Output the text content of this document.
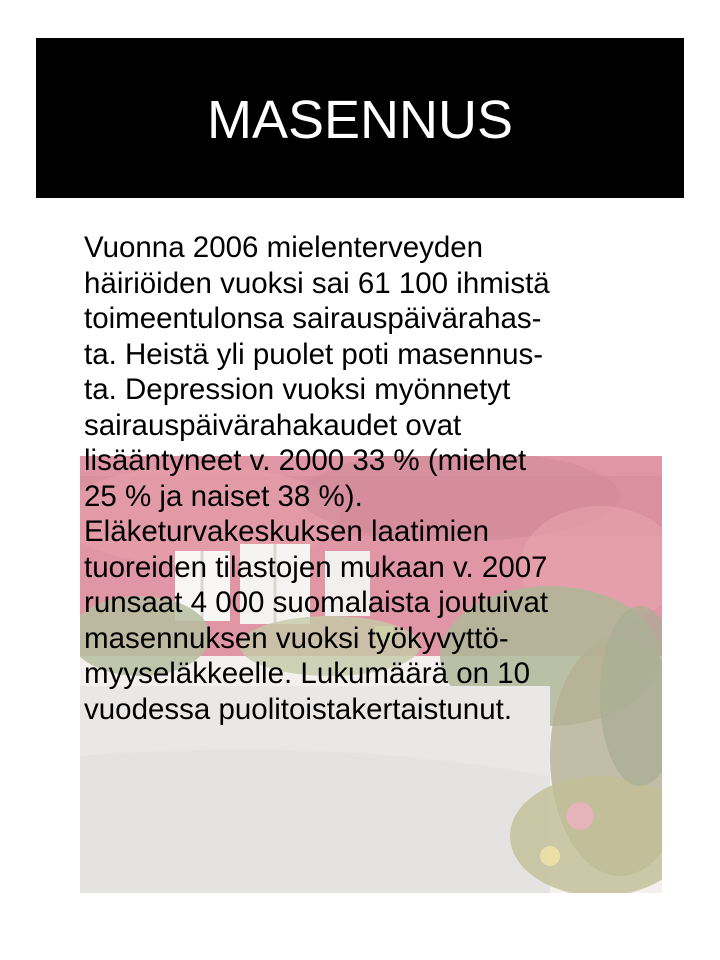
MASENNUS

Vuonna 2006 mielenterveyden
häiriöiden vuoksi sai 61 100 ihmistä
toimeentulonsa sairauspäivärahas-
ta. Heistä yli puolet poti masennus-
ta. Depression vuoksi myönnetyt
sairauspäivärahakaudet ovat
lisääntyneet v. 2000 33 % (miehet
25 % ja naiset 38 %).
Eläketurvakeskuksen laatimien
tuoreiden tilastojen mukaan v. 2007
runsaat 4 000 suomalaista joutuivat
masennuksen vuoksi työkyvyttö-
myyseläkkeelle. Lukumäärä on 10
vuodessa puolitoistakertaistunut.
